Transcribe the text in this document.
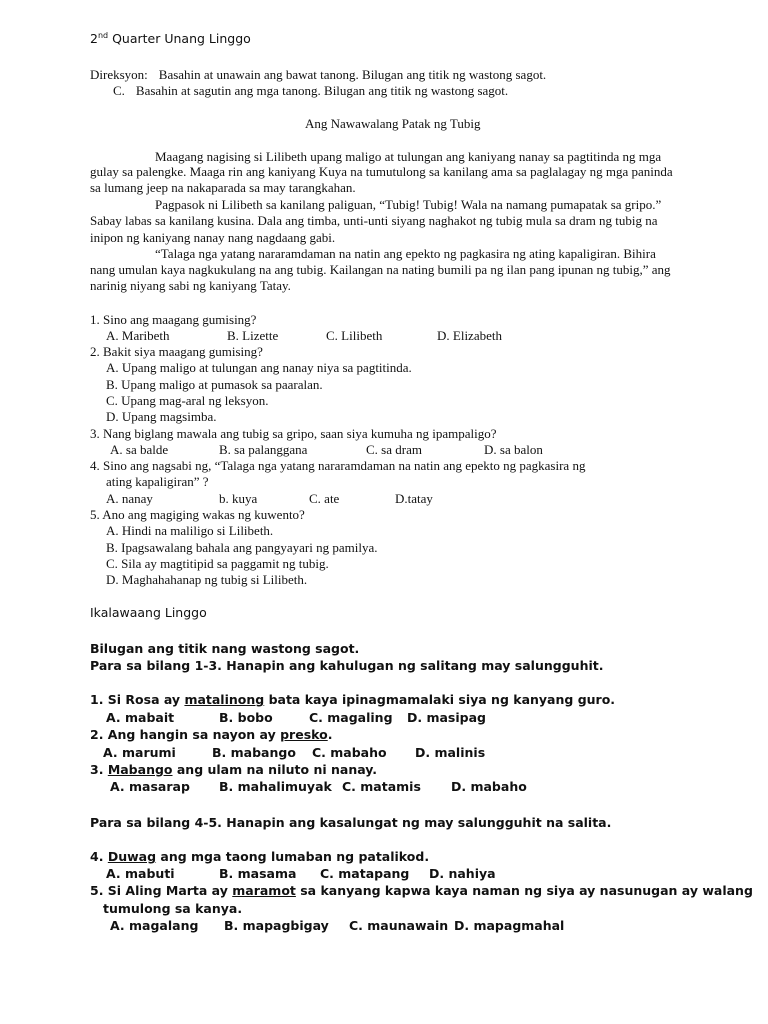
2nd Quarter Unang Linggo
Direksyon: Basahin at unawain ang bawat tanong. Bilugan ang titik ng wastong sagot.
C. Basahin at sagutin ang mga tanong. Bilugan ang titik ng wastong sagot.
Ang Nawawalang Patak ng Tubig
Maagang nagising si Lilibeth upang maligo at tulungan ang kaniyang nanay sa pagtitinda ng mga
gulay sa palengke. Maaga rin ang kaniyang Kuya na tumutulong sa kanilang ama sa paglalagay ng mga paninda
sa lumang jeep na nakaparada sa may tarangkahan.
Pagpasok ni Lilibeth sa kanilang paliguan, “Tubig! Tubig! Wala na namang pumapatak sa gripo.”
Sabay labas sa kanilang kusina. Dala ang timba, unti-unti siyang naghakot ng tubig mula sa dram ng tubig na
inipon ng kaniyang nanay nang nagdaang gabi.
“Talaga nga yatang nararamdaman na natin ang epekto ng pagkasira ng ating kapaligiran. Bihira
nang umulan kaya nagkukulang na ang tubig. Kailangan na nating bumili pa ng ilan pang ipunan ng tubig,” ang
narinig niyang sabi ng kaniyang Tatay.
1. Sino ang maagang gumising?
A. Maribeth	B. Lizette	C. Lilibeth	D. Elizabeth
2. Bakit siya maagang gumising?
A. Upang maligo at tulungan ang nanay niya sa pagtitinda.
B. Upang maligo at pumasok sa paaralan.
C. Upang mag-aral ng leksyon.
D. Upang magsimba.
3. Nang biglang mawala ang tubig sa gripo, saan siya kumuha ng ipampaligo?
A. sa balde	B. sa palanggana	C. sa dram	D. sa balon
4. Sino ang nagsabi ng, “Talaga nga yatang nararamdaman na natin ang epekto ng pagkasira ng
ating kapaligiran” ?
A. nanay	b. kuya	C. ate	D.tatay
5. Ano ang magiging wakas ng kuwento?
A. Hindi na maliligo si Lilibeth.
B. Ipagsawalang bahala ang pangyayari ng pamilya.
C. Sila ay magtitipid sa paggamit ng tubig.
D. Maghahahanap ng tubig si Lilibeth.
Ikalawaang Linggo
Bilugan ang titik nang wastong sagot.
Para sa bilang 1-3. Hanapin ang kahulugan ng salitang may salungguhit.
1. Si Rosa ay matalinong bata kaya ipinagmamalaki siya ng kanyang guro.
A. mabait	B. bobo	C. magaling D. masipag
2. Ang hangin sa nayon ay presko.
A. marumi	B. mabango C. mabaho D. malinis
3. Mabango ang ulam na niluto ni nanay.
A. masarap B. mahalimuyak C. matamis D. mabaho
Para sa bilang 4-5. Hanapin ang kasalungat ng may salungguhit na salita.
4. Duwag ang mga taong lumaban ng patalikod.
A. mabuti	B. masama C. matapang D. nahiya
5. Si Aling Marta ay maramot sa kanyang kapwa kaya naman ng siya ay nasunugan ay walang
tumulong sa kanya.
A. magalang B. mapagbigay C. maunawain D. mapagmahal
